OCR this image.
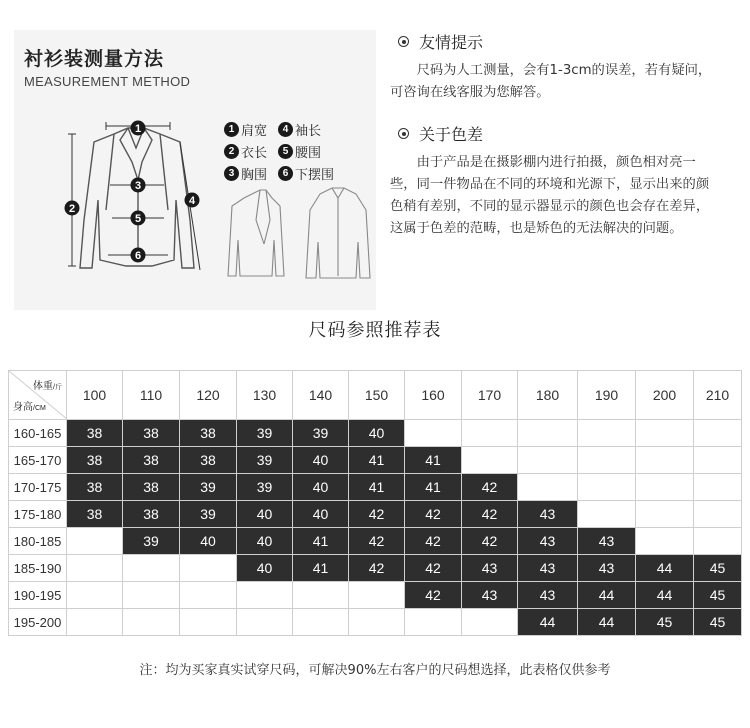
衬衫装测量方法
MEASUREMENT METHOD
1
2
3
4
5
6
1 肩宽	4 袖长
2 衣长	5 腰围
3 胸围	6 下摆围
友情提示
尺码为人工测量，会有1-3cm的误差，若有疑问，可咨询在线客服为您解答。
关于色差
由于产品是在摄影棚内进行拍摄，颜色相对亮一些，同一件物品在不同的环境和光源下，显示出来的颜色稍有差别，不同的显示器显示的颜色也会存在差异，这属于色差的范畴，也是矫色的无法解决的问题。
尺码参照推荐表
体重/斤
身高/CM	100	110	120	130	140	150	160	170	180	190	200	210
160-165	38	38	38	39	39	40						
165-170	38	38	38	39	40	41	41					
170-175	38	38	39	39	40	41	41	42				
175-180	38	38	39	40	40	42	42	42	43			
180-185		39	40	40	41	42	42	42	43	43		
185-190				40	41	42	42	43	43	43	44	45
190-195							42	43	43	44	44	45
195-200									44	44	45	45
注：均为买家真实试穿尺码，可解决90%左右客户的尺码想选择，此表格仅供参考
